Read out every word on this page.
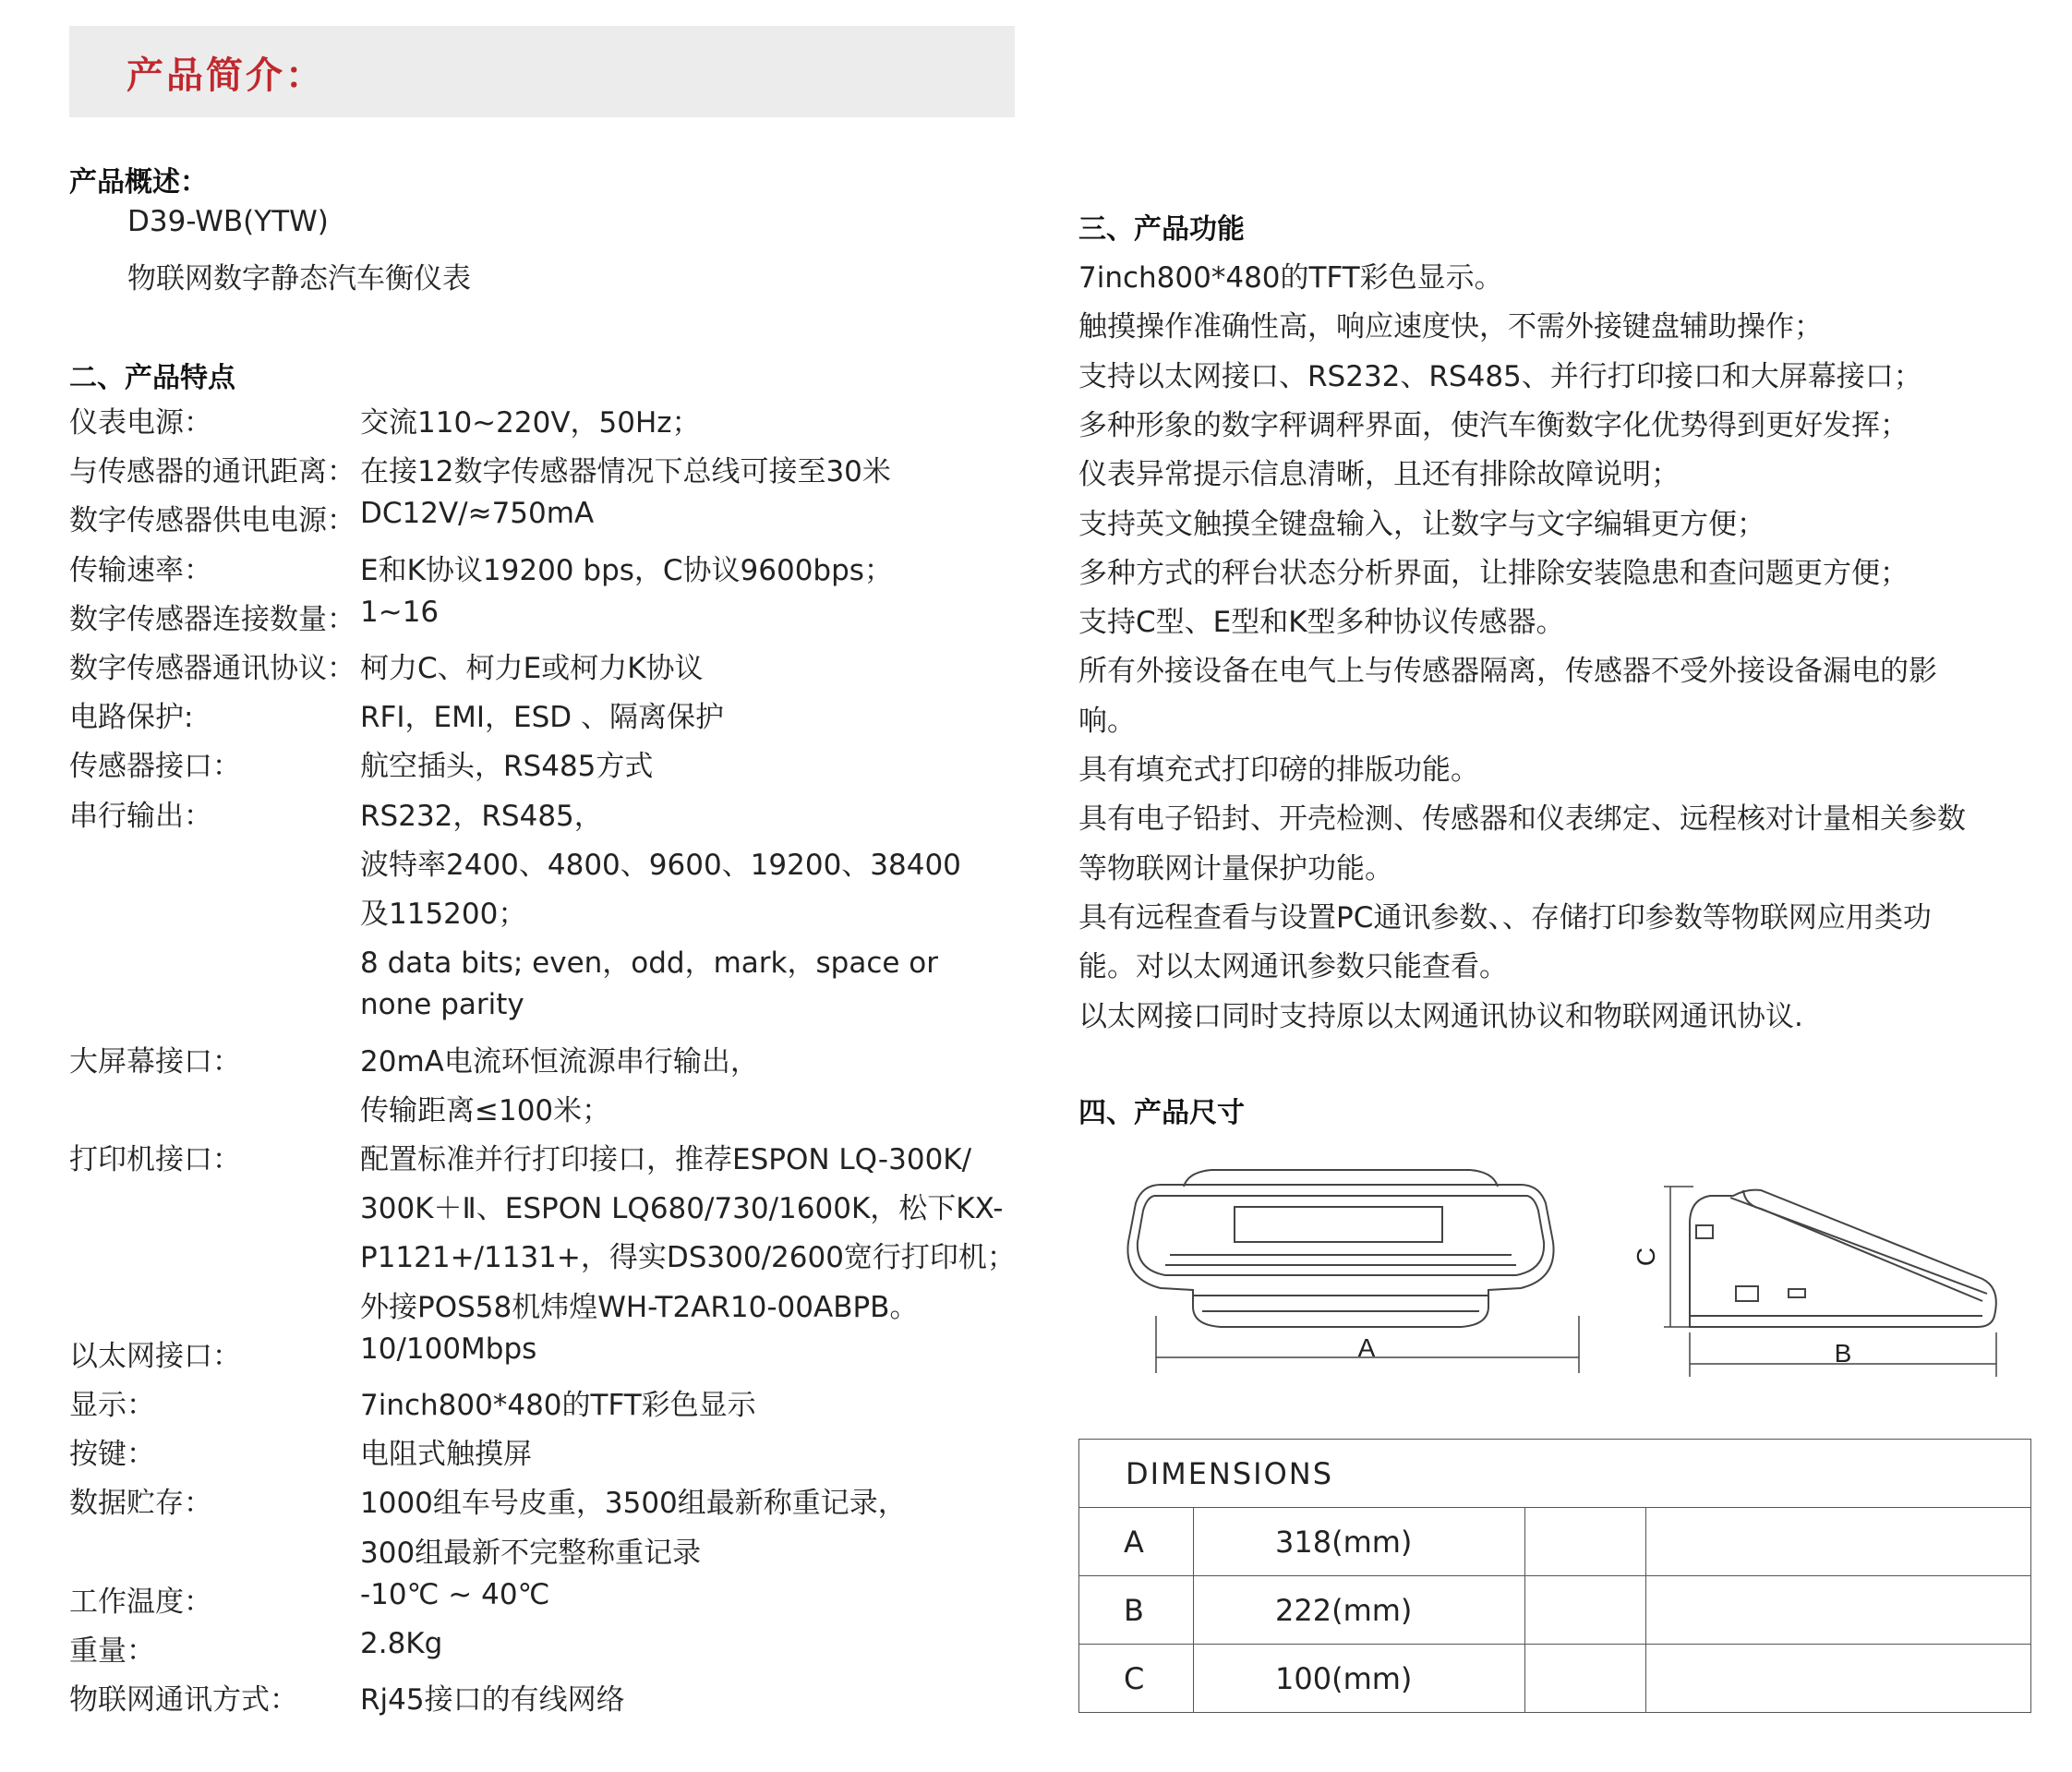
产品简介：
产品概述：
D39-WB(YTW)
物联网数字静态汽车衡仪表
二、产品特点
仪表电源：	交流110~220V，50Hz；
与传感器的通讯距离： 在接12数字传感器情况下总线可接至30米
数字传感器供电电源： DC12V/≈750mA
传输速率：	E和K协议19200 bps，C协议9600bps；
数字传感器连接数量： 1~16
数字传感器通讯协议： 柯力C、柯力E或柯力K协议
电路保护:	RFI，EMI，ESD 、隔离保护
传感器接口：	航空插头，RS485方式
串行输出：	RS232，RS485，
波特率2400、4800、9600、19200、38400
及115200；
8 data bits; even，odd，mark，space or
none parity
大屏幕接口：	20mA电流环恒流源串行输出，
传输距离≤100米；
打印机接口：	配置标准并行打印接口，推荐ESPON LQ-300K/
300K＋Ⅱ、ESPON LQ680/730/1600K，松下KX-
P1121+/1131+，得实DS300/2600宽行打印机；
外接POS58机炜煌WH-T2AR10-00ABPB。
以太网接口：	10/100Mbps
显示：	7inch800*480的TFT彩色显示
按键：	电阻式触摸屏
数据贮存：	1000组车号皮重，3500组最新称重记录，
300组最新不完整称重记录
工作温度：	-10℃ ~ 40℃
重量：	2.8Kg
物联网通讯方式： Rj45接口的有线网络
三、产品功能
7inch800*480的TFT彩色显示。
触摸操作准确性高，响应速度快，不需外接键盘辅助操作；
支持以太网接口、RS232、RS485、并行打印接口和大屏幕接口；
多种形象的数字秤调秤界面，使汽车衡数字化优势得到更好发挥；
仪表异常提示信息清晰，且还有排除故障说明；
支持英文触摸全键盘输入，让数字与文字编辑更方便；
多种方式的秤台状态分析界面，让排除安装隐患和查问题更方便；
支持C型、E型和K型多种协议传感器。
所有外接设备在电气上与传感器隔离，传感器不受外接设备漏电的影
响。
具有填充式打印磅的排版功能。
具有电子铅封、开壳检测、传感器和仪表绑定、远程核对计量相关参数
等物联网计量保护功能。
具有远程查看与设置PC通讯参数、、存储打印参数等物联网应用类功
能。对以太网通讯参数只能查看。
以太网接口同时支持原以太网通讯协议和物联网通讯协议.
四、产品尺寸
A	B
C
DIMENSIONS			
A	318(mm)		
B	222(mm)		
C	100(mm)		
